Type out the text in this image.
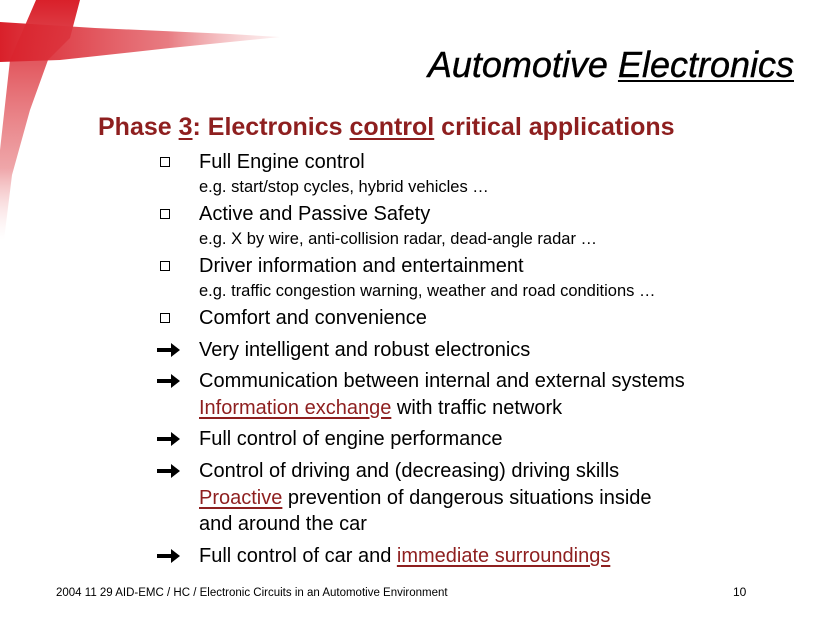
Automotive Electronics
Phase 3: Electronics control critical applications
Full Engine control
e.g. start/stop cycles, hybrid vehicles …
Active and Passive Safety
e.g. X by wire, anti-collision radar, dead-angle radar …
Driver information and entertainment
e.g. traffic congestion warning, weather and road conditions …
Comfort and convenience
Very intelligent and robust electronics
Communication between internal and external systems
Information exchange with traffic network
Full control of engine performance
Control of driving and (decreasing) driving skills
Proactive prevention of dangerous situations inside
and around the car
Full control of car and immediate surroundings
2004 11 29 AID-EMC / HC / Electronic Circuits in an Automotive Environment	10
